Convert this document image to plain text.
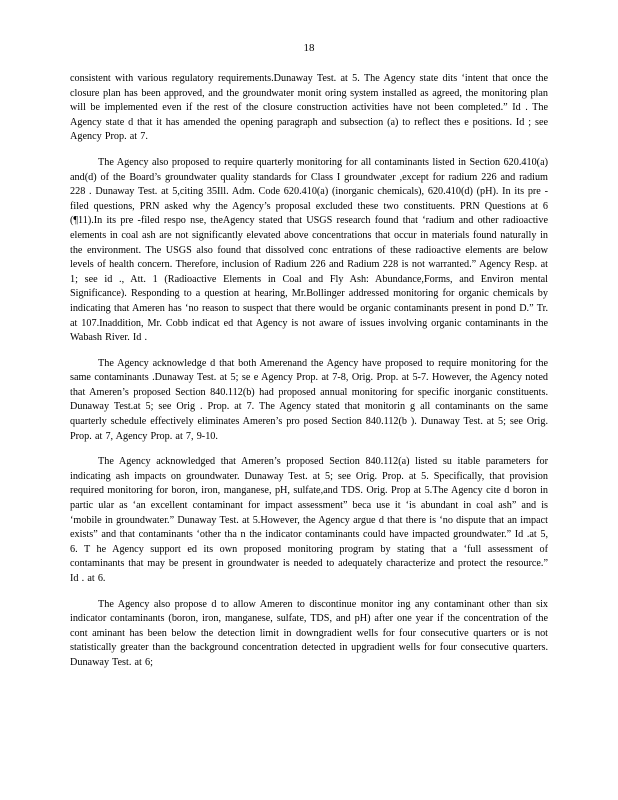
18

consistent with various regulatory requirements.Dunaway Test. at 5. The Agency state dits ‘intent that once the closure plan has been approved, and the groundwater monit oring system installed as agreed, the monitoring plan will be implemented even if the rest of the closure construction activities have not been completed.” Id . The Agency state d that it has amended the opening paragraph and subsection (a) to reflect thes e positions. Id ; see Agency Prop. at 7.

The Agency also proposed to require quarterly monitoring for all contaminants listed in Section 620.410(a) and(d) of the Board’s groundwater quality standards for Class I groundwater ,except for radium 226 and radium 228 . Dunaway Test. at 5,citing 35Ill. Adm. Code 620.410(a) (inorganic chemicals), 620.410(d) (pH). In its pre -filed questions, PRN asked why the Agency’s proposal excluded these two constituents. PRN Questions at 6 (¶11).In its pre -filed respo nse, theAgency stated that USGS research found that ‘radium and other radioactive elements in coal ash are not significantly elevated above concentrations that occur in materials found naturally in the environment. The USGS also found that dissolved conc entrations of these radioactive elements are below levels of health concern. Therefore, inclusion of Radium 226 and Radium 228 is not warranted.” Agency Resp. at 1; see id ., Att. 1 (Radioactive Elements in Coal and Fly Ash: Abundance,Forms, and Environ mental Significance). Responding to a question at hearing, Mr.Bollinger addressed monitoring for organic chemicals by indicating that Ameren has ‘no reason to suspect that there would be organic contaminants present in pond D.” Tr. at 107.Inaddition, Mr. Cobb indicat ed that Agency is not aware of issues involving organic contaminants in the Wabash River. Id .

The Agency acknowledge d that both Amerenand the Agency have proposed to require monitoring for the same contaminants .Dunaway Test. at 5; se e Agency Prop. at 7-8, Orig. Prop. at 5-7. However, the Agency noted that Ameren’s proposed Section 840.112(b) had proposed annual monitoring for specific inorganic constituents. Dunaway Test.at 5; see Orig . Prop. at 7. The Agency stated that monitorin g all contaminants on the same quarterly schedule effectively eliminates Ameren’s pro posed Section 840.112(b ). Dunaway Test. at 5; see Orig. Prop. at 7, Agency Prop. at 7, 9-10.

The Agency acknowledged that Ameren’s proposed Section 840.112(a) listed su itable parameters for indicating ash impacts on groundwater. Dunaway Test. at 5; see Orig. Prop. at 5. Specifically, that provision required monitoring for boron, iron, manganese, pH, sulfate,and TDS. Orig. Prop at 5.The Agency cite d boron in partic ular as ‘an excellent contaminant for impact assessment” beca use it ‘is abundant in coal ash” and is ‘mobile in groundwater.” Dunaway Test. at 5.However, the Agency argue d that there is ‘no dispute that an impact exists” and that contaminants ‘other tha n the indicator contaminants could have impacted groundwater.” Id .at 5, 6. T he Agency support ed its own proposed monitoring program by stating that a ‘full assessment of contaminants that may be present in groundwater is needed to adequately characterize and protect the resource.” Id . at 6.

The Agency also propose d to allow Ameren to discontinue monitor ing any contaminant other than six indicator contaminants (boron, iron, manganese, sulfate, TDS, and pH) after one year if the concentration of the cont aminant has been below the detection limit in downgradient wells for four consecutive quarters or is not statistically greater than the background concentration detected in upgradient wells for four consecutive quarters. Dunaway Test. at 6;
